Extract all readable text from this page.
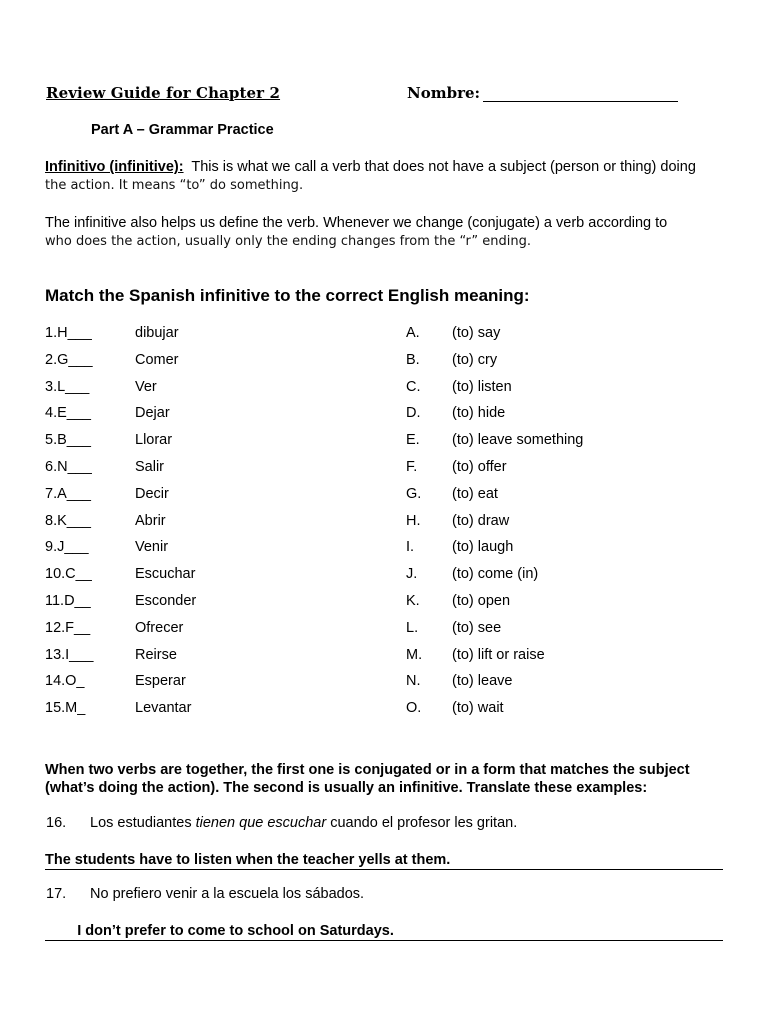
Review Guide for Chapter 2	Nombre:
Part A – Grammar Practice
Infinitivo (infinitive):  This is what we call a verb that does not have a subject (person or thing) doing
the action. It means “to” do something.
The infinitive also helps us define the verb. Whenever we change (conjugate) a verb according to
who does the action, usually only the ending changes from the “r” ending.
Match the Spanish infinitive to the correct English meaning:
1.H___	dibujar	A. (to) say
2.G___	Comer	B. (to) cry
3.L___	Ver	C. (to) listen
4.E___	Dejar	D. (to) hide
5.B___	Llorar	E. (to) leave something
6.N___	Salir	F. (to) offer
7.A___	Decir	G. (to) eat
8.K___	Abrir	H. (to) draw
9.J___	Venir	I.	(to) laugh
10.C__	Escuchar	J. (to) come (in)
11.D__	Esconder	K. (to) open
12.F__	Ofrecer	L. (to) see
13.I___	Reirse	M. (to) lift or raise
14.O_	Esperar	N. (to) leave
15.M_	Levantar	O. (to) wait
When two verbs are together, the first one is conjugated or in a form that matches the subject
(what’s doing the action). The second is usually an infinitive. Translate these examples:
16. Los estudiantes tienen que escuchar cuando el profesor les gritan.
The students have to listen when the teacher yells at them.
17. No prefiero venir a la escuela los sábados.
I don’t prefer to come to school on Saturdays.
